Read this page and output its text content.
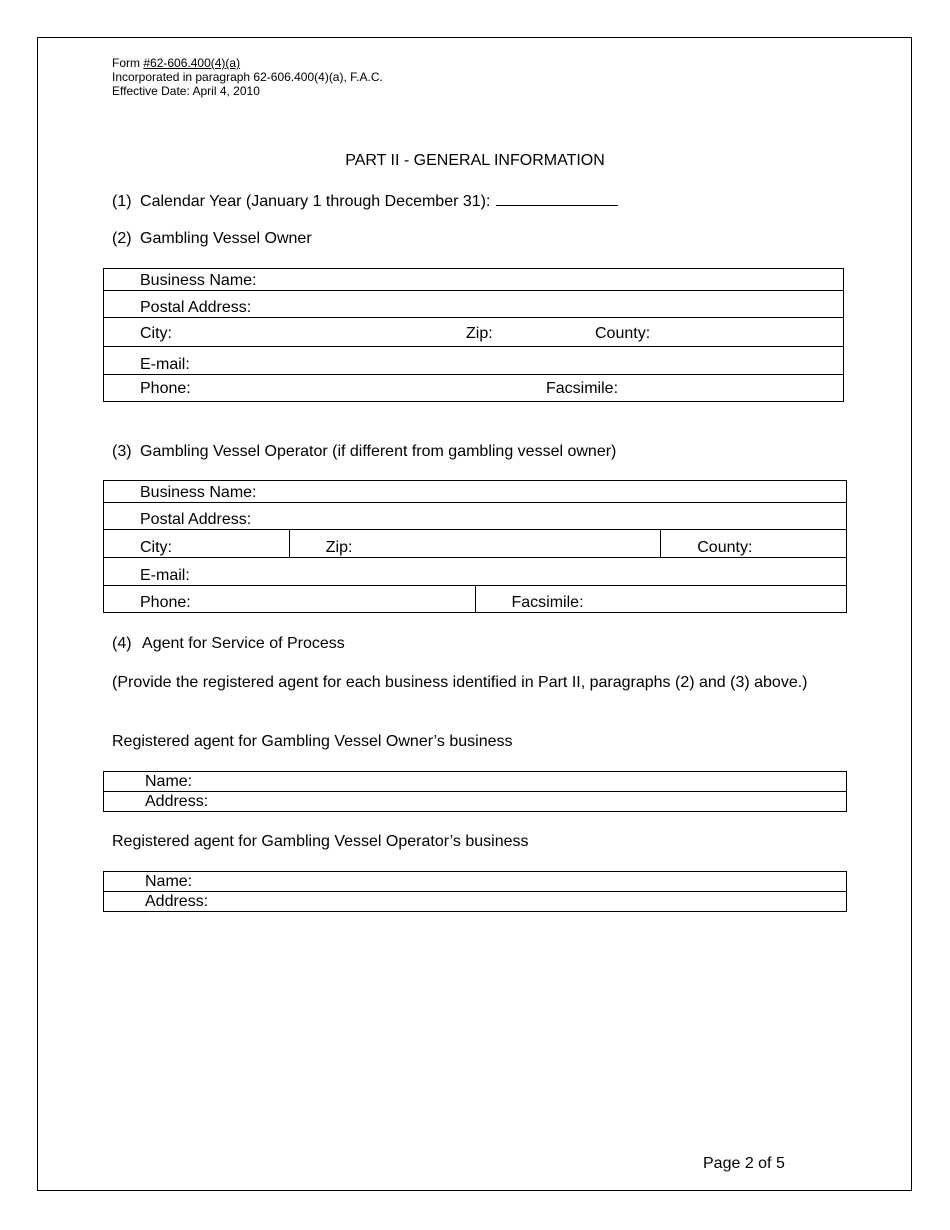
Form #62-606.400(4)(a)
Incorporated in paragraph 62-606.400(4)(a), F.A.C.
Effective Date: April 4, 2010
PART II - GENERAL INFORMATION
(1) Calendar Year (January 1 through December 31):
(2) Gambling Vessel Owner
Business Name:
Postal Address:

City:	Zip:	County:

E-mail:

Phone:	Facsimile:

(3) Gambling Vessel Operator (if different from gambling vessel owner)
Business Name:			
Postal Address:			
City:	Zip:		County:
E-mail:			
Phone:		Facsimile:	

(4) Agent for Service of Process
(Provide the registered agent for each business identified in Part II, paragraphs (2) and (3) above.)
Registered agent for Gambling Vessel Owner’s business
Name:
Address:
Registered agent for Gambling Vessel Operator’s business
Name:
Address:
Page 2 of 5
